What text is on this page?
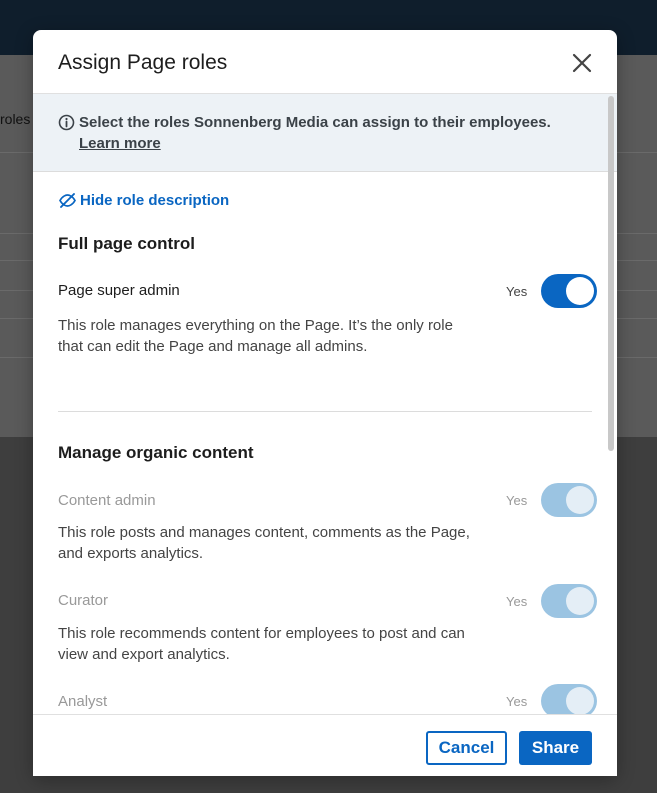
roles
Assign Page roles
Select the roles Sonnenberg Media can assign to their employees.
Learn more
Hide role description
Full page control
Page super admin	Yes
This role manages everything on the Page. It’s the only role
that can edit the Page and manage all admins.
Manage organic content
Content admin	Yes
This role posts and manages content, comments as the Page,
and exports analytics.
Curator	Yes
This role recommends content for employees to post and can
view and export analytics.
Analyst	Yes
Cancel	Share
